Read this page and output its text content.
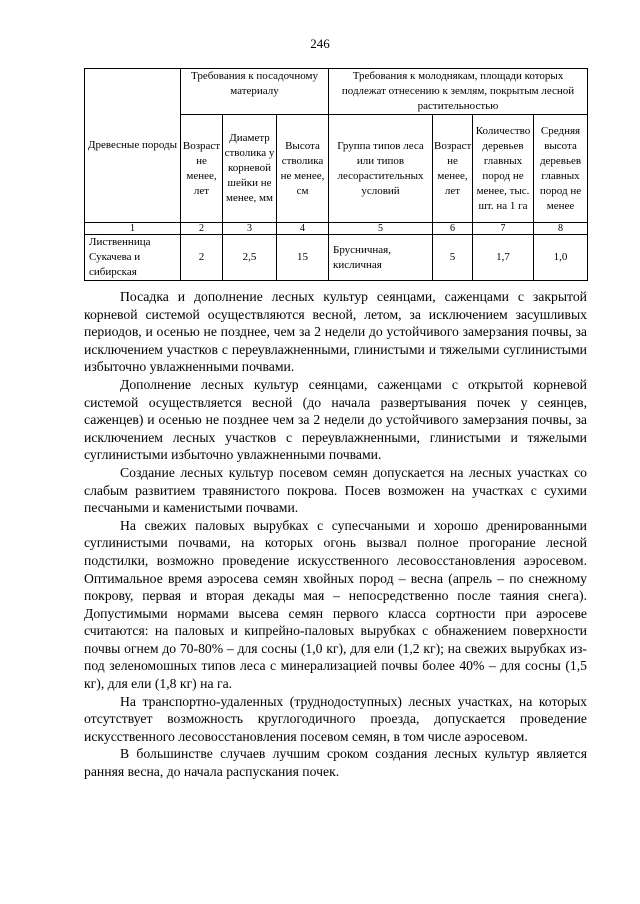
246
Древесные породы	Требования к посадочному материалу			Требования к молоднякам, площади которых подлежат отнесению к землям, покрытым лесной растительностью			
	Возраст не менее, лет	Диаметр стволика у корневой шейки не менее, мм	Высота стволика не менее, см	Группа типов леса или типов лесорастительных условий	Возраст не менее, лет	Количество деревьев главных пород не менее, тыс. шт. на 1 га	Средняя высота деревьев главных пород не менее
1	2	3	4	5	6	7	8
Лиственница Сукачева и сибирская	2	2,5	15	Брусничная, кисличная	5	1,7	1,0

Посадка и дополнение лесных культур сеянцами, саженцами с закрытой корневой системой осуществляются весной, летом, за исключением засушливых периодов, и осенью не позднее, чем за 2 недели до устойчивого замерзания почвы, за исключением участков с переувлажненными, глинистыми и тяжелыми суглинистыми избыточно увлажненными почвами.

Дополнение лесных культур сеянцами, саженцами с открытой корневой системой осуществляется весной (до начала развертывания почек у сеянцев, саженцев) и осенью не позднее чем за 2 недели до устойчивого замерзания почвы, за исключением лесных участков с переувлажненными, глинистыми и тяжелыми суглинистыми избыточно увлажненными почвами.

Создание лесных культур посевом семян допускается на лесных участках со слабым развитием травянистого покрова. Посев возможен на участках с сухими песчаными и каменистыми почвами.

На свежих паловых вырубках с супесчаными и хорошо дренированными суглинистыми почвами, на которых огонь вызвал полное прогорание лесной подстилки, возможно проведение искусственного лесовосстановления аэросевом. Оптимальное время аэросева семян хвойных пород – весна (апрель – по снежному покрову, первая и вторая декады мая – непосредственно после таяния снега). Допустимыми нормами высева семян первого класса сортности при аэросеве считаются: на паловых и кипрейно-паловых вырубках с обнажением поверхности почвы огнем до 70-80% – для сосны (1,0 кг), для ели (1,2 кг); на свежих вырубках из-под зеленомошных типов леса с минерализацией почвы более 40% – для сосны (1,5 кг), для ели (1,8 кг) на га.

На транспортно-удаленных (труднодоступных) лесных участках, на которых отсутствует возможность круглогодичного проезда, допускается проведение искусственного лесовосстановления посевом семян, в том числе аэросевом.

В большинстве случаев лучшим сроком создания лесных культур является ранняя весна, до начала распускания почек.
